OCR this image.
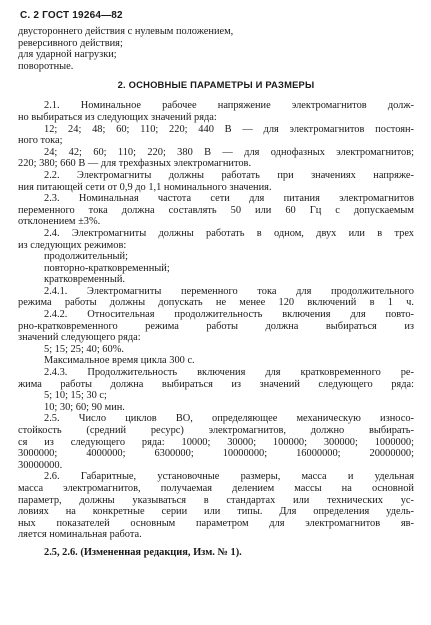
С. 2 ГОСТ 19264—82
двустороннего действия с нулевым положением,
реверсивного действия;
для ударной нагрузки;
поворотные.
2. ОСНОВНЫЕ ПАРАМЕТРЫ И РАЗМЕРЫ
2.1. Номинальное рабочее напряжение электромагнитов долж-
но выбираться из следующих значений ряда:
12; 24; 48; 60; 110; 220; 440 В — для электромагнитов постоян-
ного тока;
24; 42; 60; 110; 220; 380 В — для однофазных электромагнитов;
220; 380; 660 В — для трехфазных электромагнитов.
2.2. Электромагниты должны работать при значениях напряже-
ния питающей сети от 0,9 до 1,1 номинального значения.
2.3. Номинальная частота сети для питания электромагнитов
переменного тока должна составлять 50 или 60 Гц с допускаемым
отклонением ±3%.
2.4. Электромагниты должны работать в одном, двух или в трех
из следующих режимов:
продолжительный;
повторно-кратковременный;
кратковременный.
2.4.1. Электромагниты переменного тока для продолжительного
режима работы должны допускать не менее 120 включений в 1 ч.
2.4.2. Относительная продолжительность включения для повто-
рно-кратковременного режима работы должна выбираться из
значений следующего ряда:
5; 15; 25; 40; 60%.
Максимальное время цикла 300 с.
2.4.3. Продолжительность включения для кратковременного ре-
жима работы должна выбираться из значений следующего ряда:
5; 10; 15; 30 с;
10; 30; 60; 90 мин.
2.5. Число циклов ВО, определяющее механическую износо-
стойкость (средний ресурс) электромагнитов, должно выбирать-
ся из следующего ряда: 10000; 30000; 100000; 300000; 1000000;
3000000; 4000000; 6300000; 10000000; 16000000; 20000000;
30000000.
2.6. Габаритные, установочные размеры, масса и удельная
масса электромагнитов, получаемая делением массы на основной
параметр, должны указываться в стандартах или технических ус-
ловиях на конкретные серии или типы. Для определения удель-
ных показателей основным параметром для электромагнитов яв-
ляется номинальная работа.
2.5, 2.6. (Измененная редакция, Изм. № 1).
